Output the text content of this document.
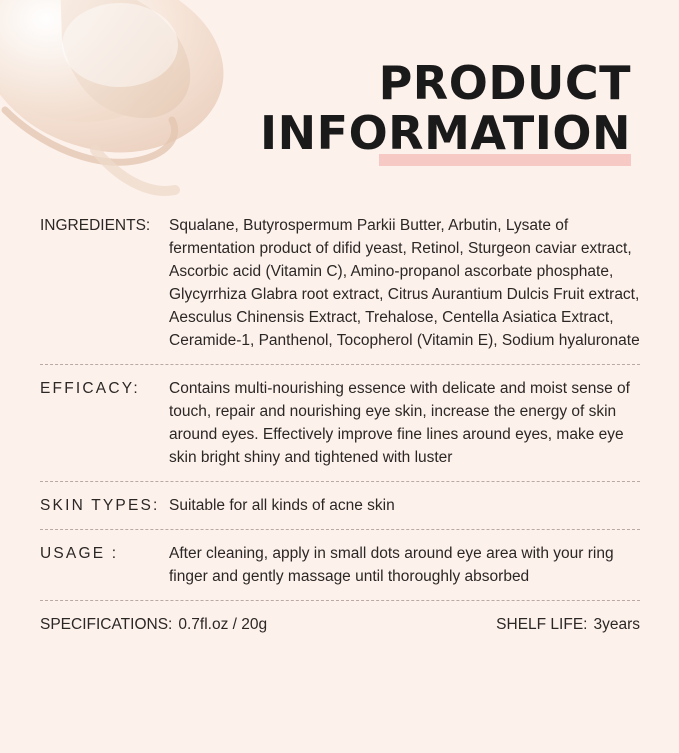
PRODUCT
INFORMATION
INGREDIENTS:	Squalane, Butyrospermum Parkii Butter, Arbutin, Lysate of fermentation product of difid yeast, Retinol, Sturgeon caviar extract, Ascorbic acid (Vitamin C), Amino-propanol ascorbate phosphate, Glycyrrhiza Glabra root extract, Citrus Aurantium Dulcis Fruit extract, Aesculus Chinensis Extract, Trehalose, Centella Asiatica Extract, Ceramide-1, Panthenol, Tocopherol (Vitamin E), Sodium hyaluronate
EFFICACY:	Contains multi-nourishing essence with delicate and moist sense of touch, repair and nourishing eye skin, increase the energy of skin around eyes. Effectively improve fine lines around eyes, make eye skin bright shiny and tightened with luster
SKIN TYPES: Suitable for all kinds of acne skin
USAGE :	After cleaning, apply in small dots around eye area with your ring finger and gently massage until thoroughly absorbed
SPECIFICATIONS: 0.7fl.oz / 20g	SHELF LIFE: 3years
